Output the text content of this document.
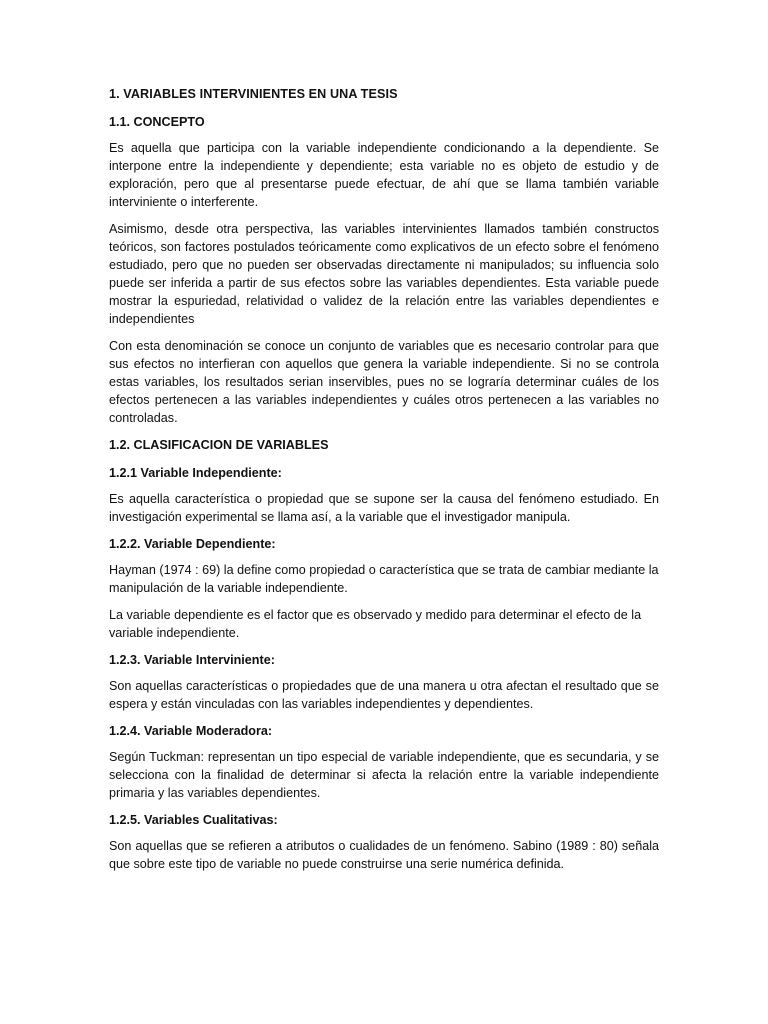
1. VARIABLES INTERVINIENTES EN UNA TESIS
1.1. CONCEPTO
Es aquella que participa con la variable independiente condicionando a la dependiente. Se interpone entre la independiente y dependiente; esta variable no es objeto de estudio y de exploración, pero que al presentarse puede efectuar, de ahí que se llama también variable interviniente o interferente.
Asimismo, desde otra perspectiva, las variables intervinientes llamados también constructos teóricos, son factores postulados teóricamente como explicativos de un efecto sobre el fenómeno estudiado, pero que no pueden ser observadas directamente ni manipulados; su influencia solo puede ser inferida a partir de sus efectos sobre las variables dependientes. Esta variable puede mostrar la espuriedad, relatividad o validez de la relación entre las variables dependientes e independientes
Con esta denominación se conoce un conjunto de variables que es necesario controlar para que sus efectos no interfieran con aquellos que genera la variable independiente. Si no se controla estas variables, los resultados serian inservibles, pues no se lograría determinar cuáles de los efectos pertenecen a las variables independientes y cuáles otros pertenecen a las variables no controladas.
1.2. CLASIFICACION DE VARIABLES
1.2.1 Variable Independiente:
Es aquella característica o propiedad que se supone ser la causa del fenómeno estudiado. En investigación experimental se llama así, a la variable que el investigador manipula.
1.2.2. Variable Dependiente:
Hayman (1974 : 69) la define como propiedad o característica que se trata de cambiar mediante la manipulación de la variable independiente.
La variable dependiente es el factor que es observado y medido para determinar el efecto de la variable independiente.
1.2.3. Variable Interviniente:
Son aquellas características o propiedades que de una manera u otra afectan el resultado que se espera y están vinculadas con las variables independientes y dependientes.
1.2.4. Variable Moderadora:
Según Tuckman: representan un tipo especial de variable independiente, que es secundaria, y se selecciona con la finalidad de determinar si afecta la relación entre la variable independiente primaria y las variables dependientes.
1.2.5. Variables Cualitativas:
Son aquellas que se refieren a atributos o cualidades de un fenómeno. Sabino (1989 : 80) señala que sobre este tipo de variable no puede construirse una serie numérica definida.
